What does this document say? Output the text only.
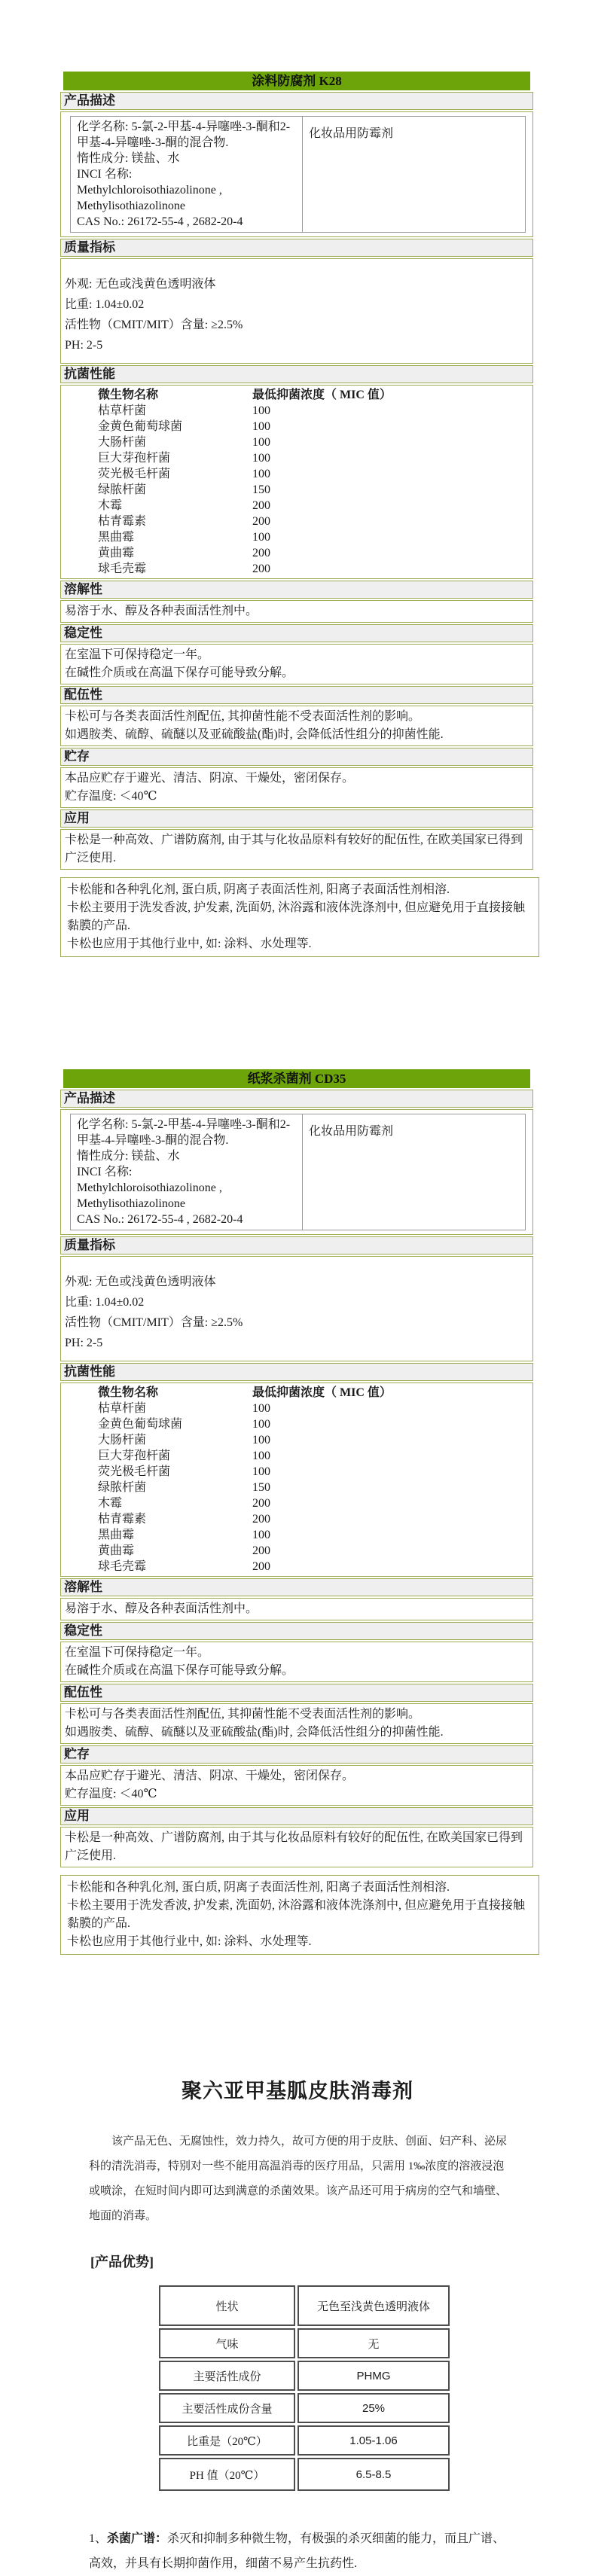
涂料防腐剂 K28
产品描述
化学名称: 5-氯-2-甲基-4-异噻唑-3-酮和2-甲基-4-异噻唑-3-酮的混合物.
惰性成分: 镁盐、水
INCI 名称:
Methylchloroisothiazolinone ,
Methylisothiazolinone
CAS No.: 26172-55-4 , 2682-20-4
	化妆品用防霉剂
质量指标
外观: 无色或浅黄色透明液体
比重: 1.04±0.02
活性物（CMIT/MIT）含量: ≥2.5%
PH: 2-5
抗菌性能
微生物名称	最低抑菌浓度（ MIC 值）
枯草杆菌	100
金黄色葡萄球菌	100
大肠杆菌	100
巨大芽孢杆菌	100
荧光极毛杆菌	100
绿脓杆菌	150
木霉	200
枯青霉素	200
黑曲霉	100
黄曲霉	200
球毛壳霉	200
溶解性
易溶于水、醇及各种表面活性剂中。
稳定性
在室温下可保持稳定一年。
在碱性介质或在高温下保存可能导致分解。
配伍性
卡松可与各类表面活性剂配伍, 其抑菌性能不受表面活性剂的影响。
如遇胺类、硫醇、硫醚以及亚硫酸盐(酯)时, 会降低活性组分的抑菌性能.
贮存
本品应贮存于避光、清洁、阴凉、干燥处，密闭保存。
贮存温度: ＜40℃
应用
卡松是一种高效、广谱防腐剂, 由于其与化妆品原料有较好的配伍性, 在欧美国家已得到广泛使用.
卡松能和各种乳化剂, 蛋白质, 阴离子表面活性剂, 阳离子表面活性剂相溶.
卡松主要用于洗发香波, 护发素, 洗面奶, 沐浴露和液体洗涤剂中, 但应避免用于直接接触黏膜的产品.
卡松也应用于其他行业中, 如: 涂料、水处理等.
纸浆杀菌剂 CD35
产品描述
化学名称: 5-氯-2-甲基-4-异噻唑-3-酮和2-甲基-4-异噻唑-3-酮的混合物.
惰性成分: 镁盐、水
INCI 名称:
Methylchloroisothiazolinone ,
Methylisothiazolinone
CAS No.: 26172-55-4 , 2682-20-4
	化妆品用防霉剂
质量指标
外观: 无色或浅黄色透明液体
比重: 1.04±0.02
活性物（CMIT/MIT）含量: ≥2.5%
PH: 2-5
抗菌性能
微生物名称	最低抑菌浓度（ MIC 值）
枯草杆菌	100
金黄色葡萄球菌	100
大肠杆菌	100
巨大芽孢杆菌	100
荧光极毛杆菌	100
绿脓杆菌	150
木霉	200
枯青霉素	200
黑曲霉	100
黄曲霉	200
球毛壳霉	200
溶解性
易溶于水、醇及各种表面活性剂中。
稳定性
在室温下可保持稳定一年。
在碱性介质或在高温下保存可能导致分解。
配伍性
卡松可与各类表面活性剂配伍, 其抑菌性能不受表面活性剂的影响。
如遇胺类、硫醇、硫醚以及亚硫酸盐(酯)时, 会降低活性组分的抑菌性能.
贮存
本品应贮存于避光、清洁、阴凉、干燥处，密闭保存。
贮存温度: ＜40℃
应用
卡松是一种高效、广谱防腐剂, 由于其与化妆品原料有较好的配伍性, 在欧美国家已得到广泛使用.
卡松能和各种乳化剂, 蛋白质, 阴离子表面活性剂, 阳离子表面活性剂相溶.
卡松主要用于洗发香波, 护发素, 洗面奶, 沐浴露和液体洗涤剂中, 但应避免用于直接接触黏膜的产品.
卡松也应用于其他行业中, 如: 涂料、水处理等.
聚六亚甲基胍皮肤消毒剂
该产品无色、无腐蚀性，效力持久，故可方便的用于皮肤、创面、妇产科、泌尿科的清洗消毒，特别对一些不能用高温消毒的医疗用品，只需用 1‰浓度的溶液浸泡或喷涂，在短时间内即可达到满意的杀菌效果。该产品还可用于病房的空气和墙壁、地面的消毒。
[产品优势]
性状	无色至浅黄色透明液体
气味	无
主要活性成份	PHMG
主要活性成份含量	25%
比重是（20℃）	1.05-1.06
PH 值（20℃）	6.5-8.5
1、杀菌广谱：杀灭和抑制多种微生物，有极强的杀灭细菌的能力，而且广谱、
高效，并具有长期抑菌作用，细菌不易产生抗药性.
